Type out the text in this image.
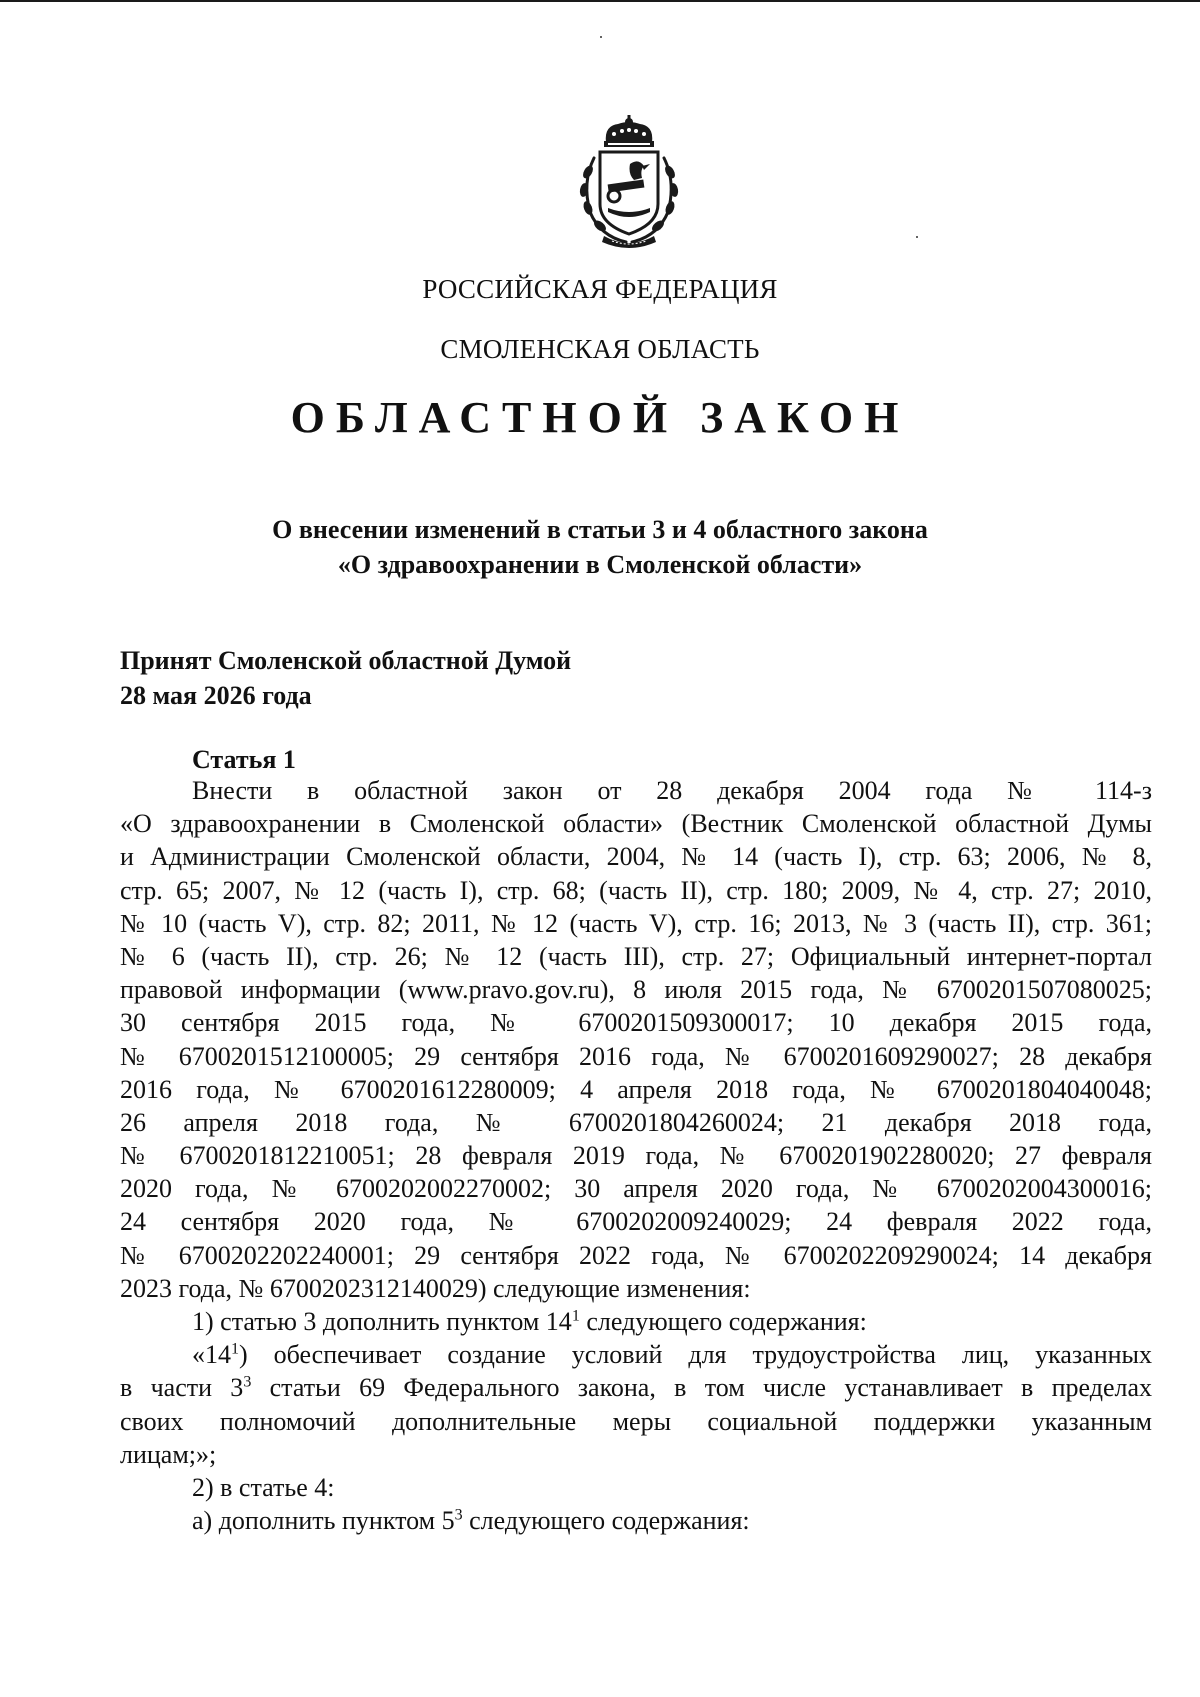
РОССИЙСКАЯ ФЕДЕРАЦИЯ

СМОЛЕНСКАЯ ОБЛАСТЬ

ОБЛАСТНОЙ ЗАКОН

О внесении изменений в статьи 3 и 4 областного закона
«О здравоохранении в Смоленской области»
Принят Смоленской областной Думой
28 мая 2026 года
Статья 1

Внести в областной закон от 28 декабря 2004 года № 114-з

«О здравоохранении в Смоленской области» (Вестник Смоленской областной Думы

и Администрации Смоленской области, 2004, № 14 (часть I), стр. 63; 2006, № 8,

стр. 65; 2007, № 12 (часть I), стр. 68; (часть II), стр. 180; 2009, № 4, стр. 27; 2010,

№ 10 (часть V), стр. 82; 2011, № 12 (часть V), стр. 16; 2013, № 3 (часть II), стр. 361;

№ 6 (часть II), стр. 26; № 12 (часть III), стр. 27; Официальный интернет-портал

правовой информации (www.pravo.gov.ru), 8 июля 2015 года, № 6700201507080025;

30 сентября 2015 года, № 6700201509300017; 10 декабря 2015 года,

№ 6700201512100005; 29 сентября 2016 года, № 6700201609290027; 28 декабря

2016 года, № 6700201612280009; 4 апреля 2018 года, № 6700201804040048;

26 апреля 2018 года, № 6700201804260024; 21 декабря 2018 года,

№ 6700201812210051; 28 февраля 2019 года, № 6700201902280020; 27 февраля

2020 года, № 6700202002270002; 30 апреля 2020 года, № 6700202004300016;

24 сентября 2020 года, № 6700202009240029; 24 февраля 2022 года,

№ 6700202202240001; 29 сентября 2022 года, № 6700202209290024; 14 декабря

2023 года, № 6700202312140029) следующие изменения:

1) статью 3 дополнить пунктом $14^1$ следующего содержания:

«$14^1$) обеспечивает создание условий для трудоустройства лиц, указанных

в части $3^3$ статьи 69 Федерального закона, в том числе устанавливает в пределах

своих полномочий дополнительные меры социальной поддержки указанным

лицам;»;

2) в статье 4:

а) дополнить пунктом $5^3$ следующего содержания:
